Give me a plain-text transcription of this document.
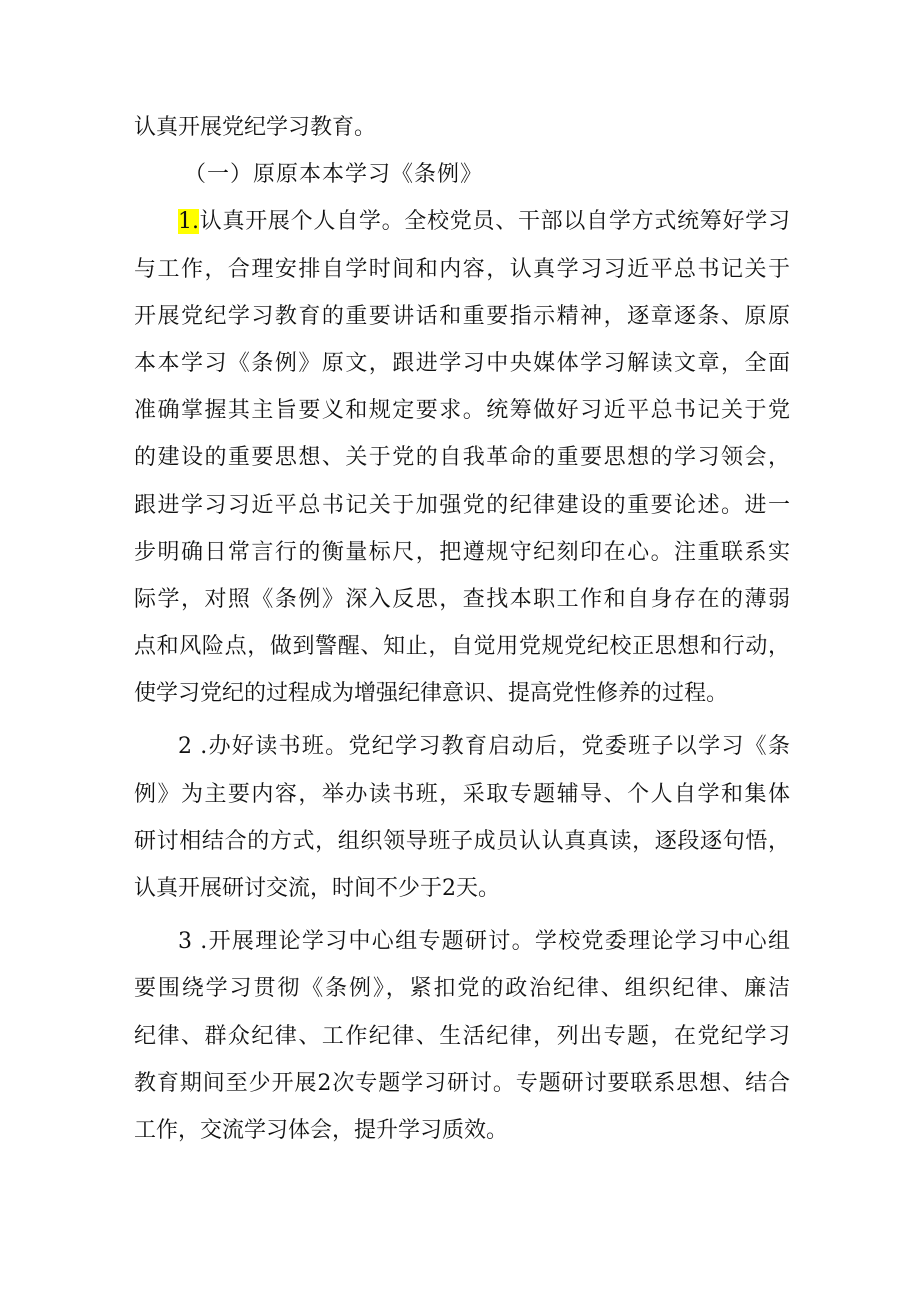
认真开展党纪学习教育。
（一）原原本本学习《条例》
1.认真开展个人自学。全校党员、干部以自学方式统筹好学习
与工作，合理安排自学时间和内容，认真学习习近平总书记关于
开展党纪学习教育的重要讲话和重要指示精神，逐章逐条、原原
本本学习《条例》原文，跟进学习中央媒体学习解读文章，全面
准确掌握其主旨要义和规定要求。统筹做好习近平总书记关于党
的建设的重要思想、关于党的自我革命的重要思想的学习领会，
跟进学习习近平总书记关于加强党的纪律建设的重要论述。进一
步明确日常言行的衡量标尺，把遵规守纪刻印在心。注重联系实
际学，对照《条例》深入反思，查找本职工作和自身存在的薄弱
点和风险点，做到警醒、知止，自觉用党规党纪校正思想和行动，
使学习党纪的过程成为增强纪律意识、提高党性修养的过程。
2 .办好读书班。党纪学习教育启动后，党委班子以学习《条
例》为主要内容，举办读书班，采取专题辅导、个人自学和集体
研讨相结合的方式，组织领导班子成员认认真真读，逐段逐句悟，
认真开展研讨交流，时间不少于2天。
3 .开展理论学习中心组专题研讨。学校党委理论学习中心组
要围绕学习贯彻《条例》，紧扣党的政治纪律、组织纪律、廉洁
纪律、群众纪律、工作纪律、生活纪律，列出专题，在党纪学习
教育期间至少开展2次专题学习研讨。专题研讨要联系思想、结合
工作，交流学习体会，提升学习质效。
